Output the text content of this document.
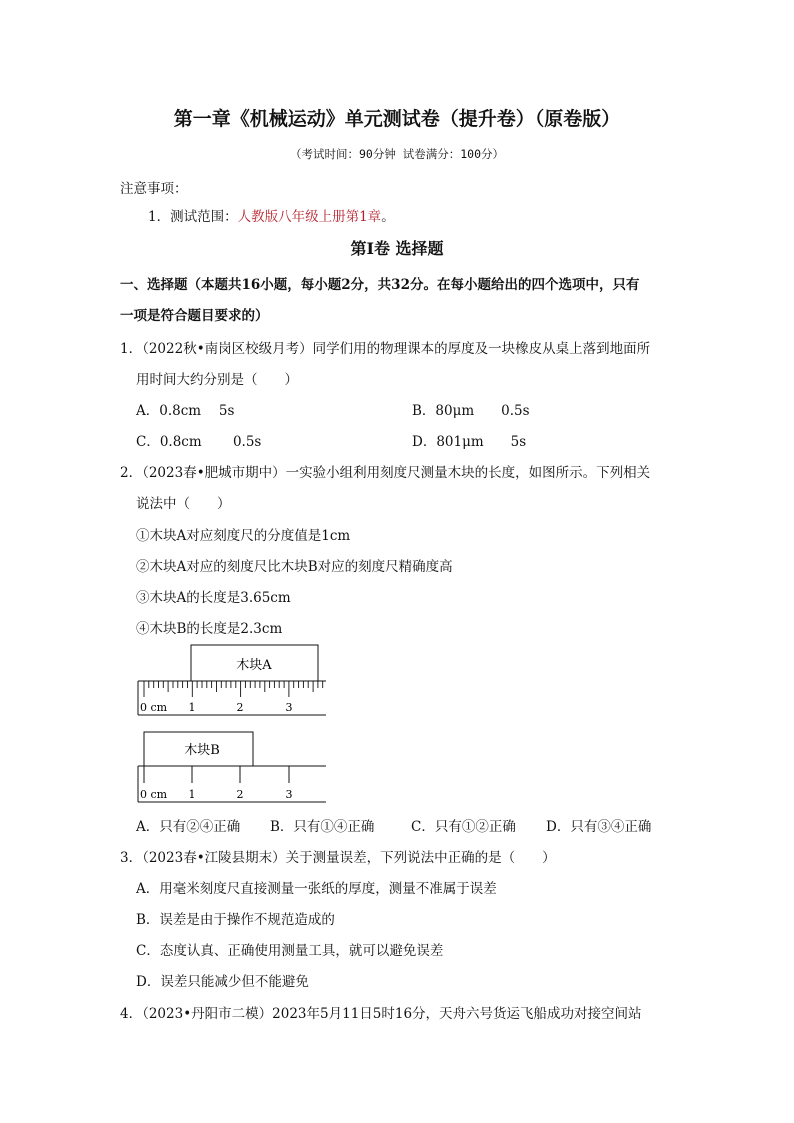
第一章《机械运动》单元测试卷（提升卷）（原卷版）
（考试时间：90分钟 试卷满分：100分）
注意事项：
1．测试范围：人教版八年级上册第1章。
第Ⅰ卷 选择题
一、选择题（本题共16小题，每小题2分，共32分。在每小题给出的四个选项中，只有
一项是符合题目要求的）
1．（2022秋•南岗区校级月考）同学们用的物理课本的厚度及一块橡皮从桌上落到地面所
用时间大约分别是（　　）
A．0.8cm　 5s	B．80μm　　0.5s
C．0.8cm　　 0.5s	D．801μm　　5s
2．（2023春•肥城市期中）一实验小组利用刻度尺测量木块的长度，如图所示。下列相关
说法中（　　）
①木块A对应刻度尺的分度值是1cm
②木块A对应的刻度尺比木块B对应的刻度尺精确度高
③木块A的长度是3.65cm
④木块B的长度是2.3cm
木块A
0 cm 1	2	3
木块B
0 cm 1	2	3
A．只有②④正确 B．只有①④正确	C．只有①②正确 D．只有③④正确
3．（2023春•江陵县期末）关于测量误差，下列说法中正确的是（　　）
A．用毫米刻度尺直接测量一张纸的厚度，测量不准属于误差
B．误差是由于操作不规范造成的
C．态度认真、正确使用测量工具，就可以避免误差
D．误差只能减少但不能避免
4．（2023•丹阳市二模）2023年5月11日5时16分，天舟六号货运飞船成功对接空间站
